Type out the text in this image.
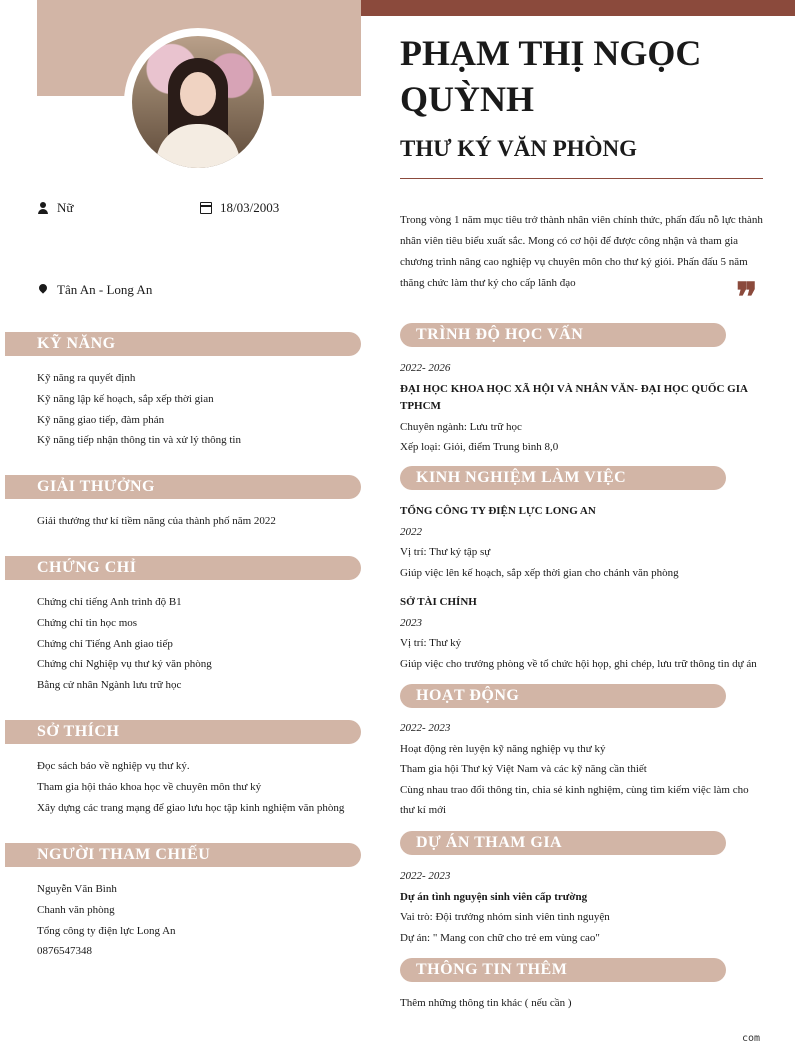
Nữ	18/03/2003
Tân An - Long An
KỸ NĂNG
Kỹ năng ra quyết định
Kỹ năng lập kế hoạch, sắp xếp thời gian
Kỹ năng giao tiếp, đàm phán
Kỹ năng tiếp nhận thông tin và xử lý thông tin
GIẢI THƯỞNG
Giải thưởng thư kí tiềm năng của thành phố năm 2022
CHỨNG CHỈ
Chứng chỉ tiếng Anh trình độ B1
Chứng chỉ tin học mos
Chứng chỉ Tiếng Anh giao tiếp
Chứng chỉ Nghiệp vụ thư ký văn phòng
Bằng cử nhân Ngành lưu trữ học
SỞ THÍCH
Đọc sách báo về nghiệp vụ thư ký.
Tham gia hội thảo khoa học về chuyên môn thư ký
Xây dựng các trang mạng để giao lưu học tập kinh nghiệm văn phòng
NGƯỜI THAM CHIẾU
Nguyễn Văn Bình
Chanh văn phòng
Tổng công ty điện lực Long An
0876547348
PHẠM THỊ NGỌC QUỲNH
THƯ KÝ VĂN PHÒNG
Trong vòng 1 năm mục tiêu trở thành nhân viên chính thức, phấn đấu nỗ lực thành nhân viên tiêu biểu xuất sắc. Mong có cơ hội để được công nhận và tham gia chương trình nâng cao nghiệp vụ chuyên môn cho thư ký giỏi. Phấn đấu 5 năm thăng chức làm thư ký cho cấp lãnh đạo	❞
TRÌNH ĐỘ HỌC VẤN
2022- 2026
ĐẠI HỌC KHOA HỌC XÃ HỘI VÀ NHÂN VĂN- ĐẠI HỌC QUỐC GIA TPHCM
Chuyên ngành: Lưu trữ học
Xếp loại: Giỏi, điểm Trung bình 8,0
KINH NGHIỆM LÀM VIỆC
TỔNG CÔNG TY ĐIỆN LỰC LONG AN
2022
Vị trí: Thư ký tập sự
Giúp việc lên kế hoạch, sắp xếp thời gian cho chánh văn phòng
SỞ TÀI CHÍNH
2023
Vị trí: Thư ký
Giúp việc cho trưởng phòng về tổ chức hội họp, ghi chép, lưu trữ thông tin dự án
HOẠT ĐỘNG
2022- 2023
Hoạt động rèn luyện kỹ năng nghiệp vụ thư ký
Tham gia hội Thư ký Việt Nam và các kỹ năng cần thiết
Cùng nhau trao đổi thông tin, chia sẻ kinh nghiệm, cùng tìm kiếm việc làm cho thư kí mới
DỰ ÁN THAM GIA
2022- 2023
Dự án tình nguyện sinh viên cấp trường
Vai trò: Đội trưởng nhóm sinh viên tình nguyện
Dự án: " Mang con chữ cho trẻ em vùng cao"
THÔNG TIN THÊM
Thêm những thông tin khác ( nếu cần )
com
